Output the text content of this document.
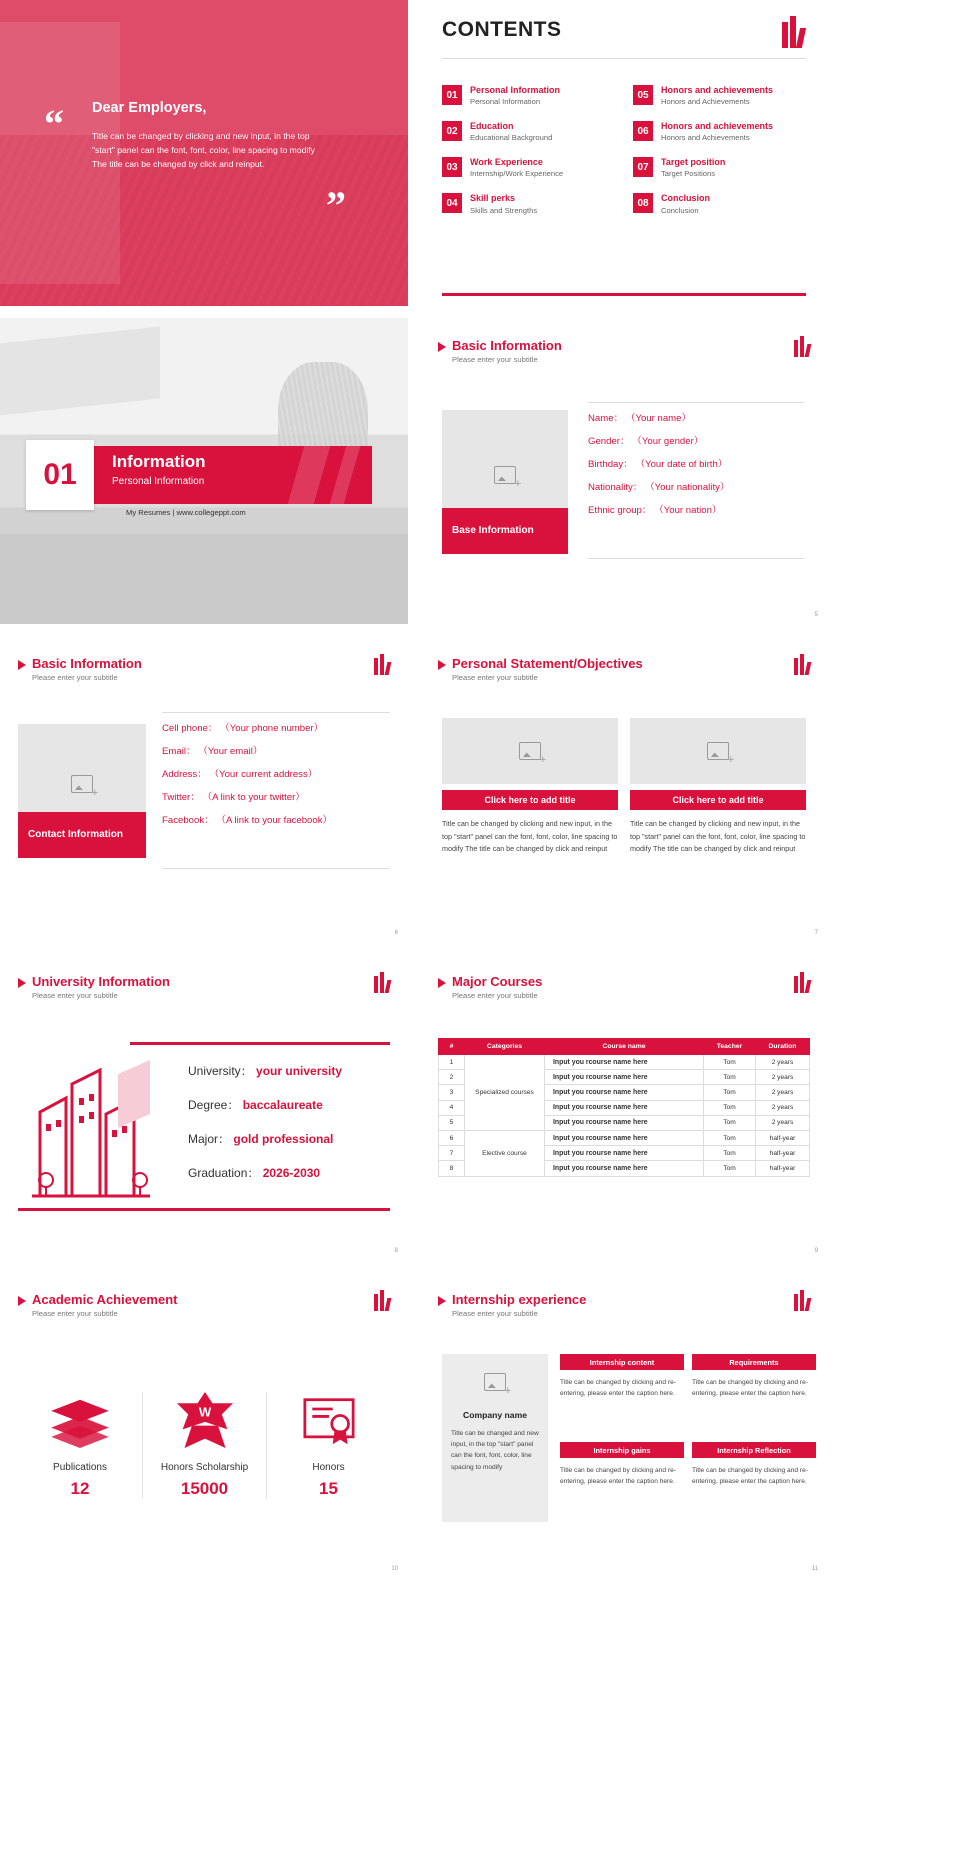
“ Dear Employers,
Title can be changed by clicking and new input, in the top "start" panel can the font, font, color, line spacing to modify The title can be changed by click and reinput.
”
CONTENTS
01	Personal Information
Personal Information
05	Honors and achievements
Honors and Achievements
02	Education
Educational Background
06	Honors and achievements
Honors and Achievements
03	Work Experience
Internship/Work Experience
07	Target position
Target Positions
04	Skill perks
Skills and Strengths
08	Conclusion
Conclusion
01	Information
Personal Information
My Resumes | www.collegeppt.com
Basic Information

Please enter your subtitle

+
Base Information
Name： （Your name）
Gender： （Your gender）
Birthday： （Your date of birth）
Nationality： （Your nationality）
Ethnic group： （Your nation）
5
Basic Information

Please enter your subtitle

+
Contact Information
Cell phone： （Your phone number）
Email： （Your email）
Address： （Your current address）
Twitter： （A link to your twitter）
Facebook： （A link to your facebook）
6
Personal Statement/Objectives

Please enter your subtitle

+
Click here to add title
Title can be changed by clicking and new input, in the top "start" panel can the font, font, color, line spacing to modify The title can be changed by click and reinput
+
Click here to add title
Title can be changed by clicking and new input, in the top "start" panel can the font, font, color, line spacing to modify The title can be changed by click and reinput
7
University Information

Please enter your subtitle

University： your university
Degree： baccalaureate
Major： gold professional
Graduation： 2026-2030
8
Major Courses

Please enter your subtitle

#	Categories	Course name	Teacher	Duration
1	Specialized courses	Input you rcourse name here	Tom	2 years
2		Input you rcourse name here	Tom	2 years
3		Input you rcourse name here	Tom	2 years
4		Input you rcourse name here	Tom	2 years
5		Input you rcourse name here	Tom	2 years
6	Elective course	Input you rcourse name here	Tom	half-year
7		Input you rcourse name here	Tom	half-year
8		Input you rcourse name here	Tom	half-year
9
Academic Achievement

Please enter your subtitle

Publications
12
W
Honors Scholarship
15000
Honors
15
10
Internship experience

Please enter your subtitle

+
Company name
Title can be changed and new input, in the top "start" panel can the font, font, color, line spacing to modify
Internship content
Title can be changed by clicking and re-entering, please enter the caption here.
Requirements
Title can be changed by clicking and re-entering, please enter the caption here.
Internship gains
Title can be changed by clicking and re-entering, please enter the caption here.
Internship Reflection
Title can be changed by clicking and re-entering, please enter the caption here.
11
